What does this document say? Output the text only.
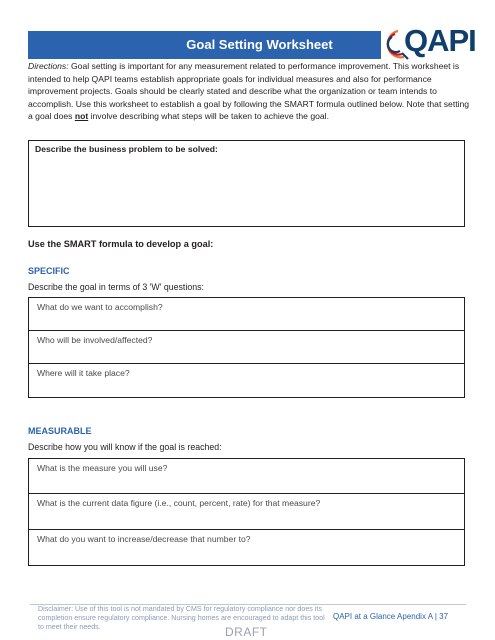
Goal Setting Worksheet	QAPI
Directions: Goal setting is important for any measurement related to performance improvement. This worksheet is intended to help QAPI teams establish appropriate goals for individual measures and also for performance improvement projects. Goals should be clearly stated and describe what the organization or team intends to accomplish. Use this worksheet to establish a goal by following the SMART formula outlined below. Note that setting a goal does not involve describing what steps will be taken to achieve the goal.
Describe the business problem to be solved:
Use the SMART formula to develop a goal:
SPECIFIC
Describe the goal in terms of 3 'W' questions:
What do we want to accomplish?
Who will be involved/affected?
Where will it take place?
MEASURABLE
Describe how you will know if the goal is reached:
What is the measure you will use?
What is the current data figure (i.e., count, percent, rate) for that measure?
What do you want to increase/decrease that number to?
Disclaimer: Use of this tool is not mandated by CMS for regulatory compliance nor does its completion ensure regulatory compliance. Nursing homes are encouraged to adapt this tool to meet their needs.	DRAFT
QAPI at a Glance Apendix A | 37
